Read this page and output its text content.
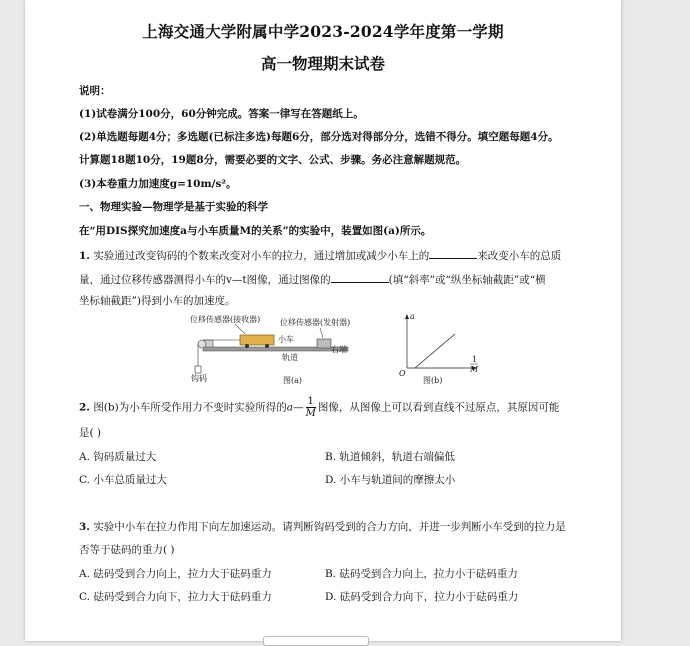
上海交通大学附属中学2023-2024学年度第一学期
高一物理期末试卷
说明：
(1)试卷满分100分，60分钟完成。答案一律写在答题纸上。
(2)单选题每题4分；多选题(已标注多选)每题6分，部分选对得部分分，选错不得分。填空题每题4分。
计算题18题10分，19题8分，需要必要的文字、公式、步骤。务必注意解题规范。
(3)本卷重力加速度g=10m/s²。
一、物理实验—物理学是基于实验的科学
在“用DIS探究加速度a与小车质量M的关系”的实验中，装置如图(a)所示。
1. 实验通过改变钩码的个数来改变对小车的拉力，通过增加或减少小车上的	来改变小车的总质
量，通过位移传感器测得小车的v—t图像，通过图像的	(填“斜率”或“纵坐标轴截距”或“横
坐标轴截距”)得到小车的加速度。
位移传感器(接收器) 位移传感器(发射器)
小车
轨道
右端
钩码	图(a)
a
O
1
M
图(b)
2. 图(b)为小车所受作用力不变时实验所得的a— $\frac{1}{M}$ 图像，从图像上可以看到直线不过原点，其原因可能
是( )
A. 钩码质量过大	B. 轨道倾斜，轨道右端偏低
C. 小车总质量过大	D. 小车与轨道间的摩擦太小
3. 实验中小车在拉力作用下向左加速运动。请判断钩码受到的合力方向，并进一步判断小车受到的拉力是
否等于砝码的重力( )
A. 砝码受到合力向上，拉力大于砝码重力	B. 砝码受到合力向上，拉力小于砝码重力
C. 砝码受到合力向下，拉力大于砝码重力	D. 砝码受到合力向下，拉力小于砝码重力
